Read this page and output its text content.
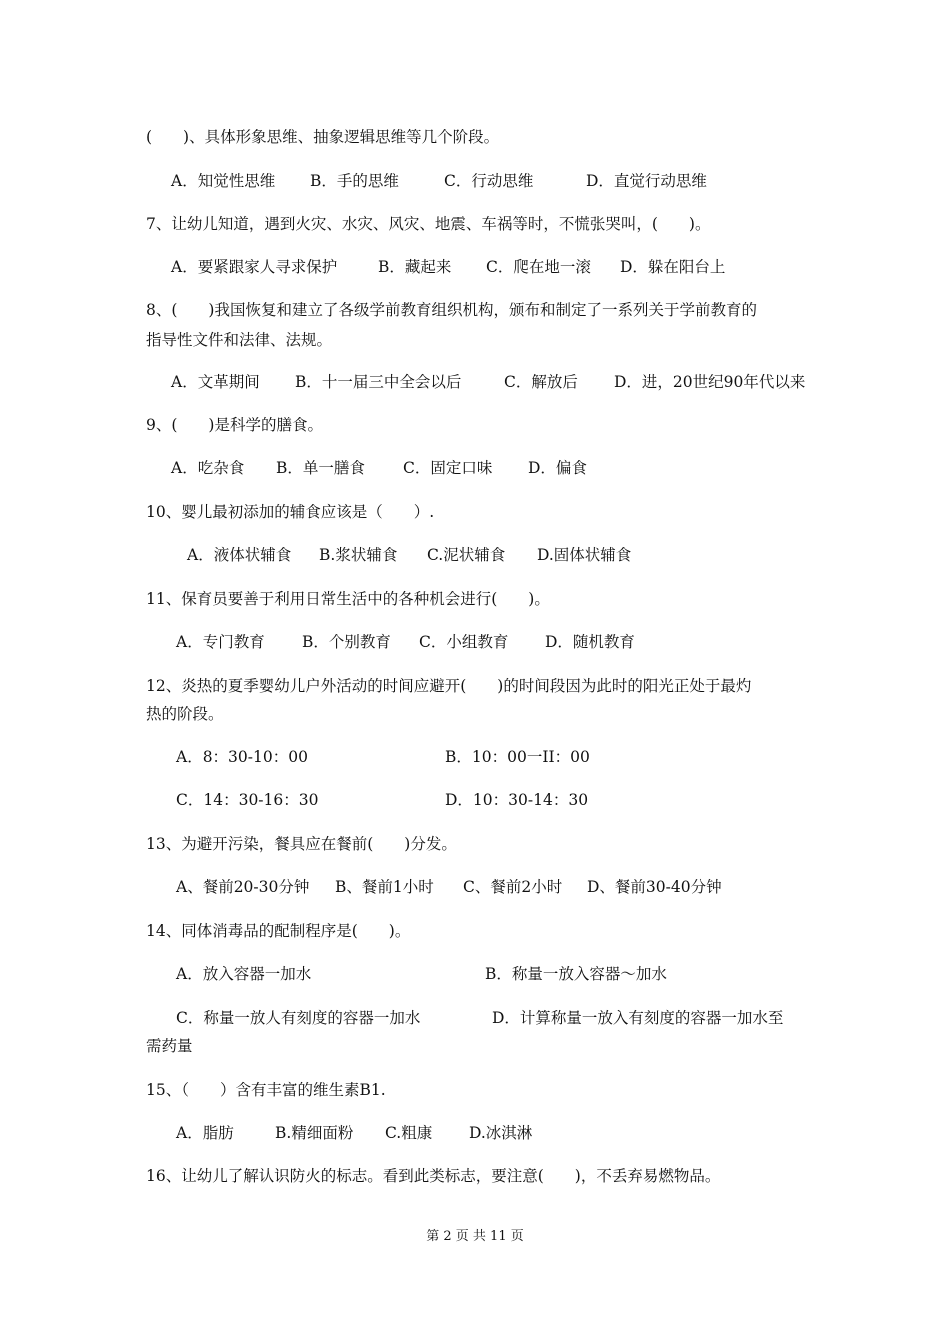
(　　)、具体形象思维、抽象逻辑思维等几个阶段。
A．知觉性思维 B．手的思维	C．行动思维	D．直觉行动思维
7、让幼儿知道，遇到火灾、水灾、风灾、地震、车祸等时，不慌张哭叫，(　　)。
A．要紧跟家人寻求保护	B．藏起来 C．爬在地一滚 D．躲在阳台上
8、(　　)我国恢复和建立了各级学前教育组织机构，颁布和制定了一系列关于学前教育的
指导性文件和法律、法规。
A．文革期间 B．十一届三中全会以后	C．解放后 D．进，20世纪90年代以来
9、(　　)是科学的膳食。
A．吃杂食 B．单一膳食 C．固定口味 D．偏食
10、婴儿最初添加的辅食应该是（　　）.
A．液体状辅食 B.浆状辅食 C.泥状辅食 D.固体状辅食
11、保育员要善于利用日常生活中的各种机会进行(　　)。
A．专门教育 B．个别教育 C．小组教育 D．随机教育
12、炎热的夏季婴幼儿户外活动的时间应避开(　　)的时间段因为此时的阳光正处于最灼
热的阶段。
A．8：30-10：00	B．10：00一II：00
C．14：30-16：30	D．10：30-14：30
13、为避开污染，餐具应在餐前(　　)分发。
A、餐前20-30分钟 B、餐前1小时 C、餐前2小时 D、餐前30-40分钟
14、同体消毒品的配制程序是(　　)。
A．放入容器一加水	B．称量一放入容器～加水
C．称量一放人有刻度的容器一加水	D．计算称量一放入有刻度的容器一加水至
需药量
15、（　　）含有丰富的维生素B1.
A．脂肪	B.精细面粉 C.粗康 D.冰淇淋
16、让幼儿了解认识防火的标志。看到此类标志，要注意(　　)，不丢弃易燃物品。
第 2 页 共 11 页
